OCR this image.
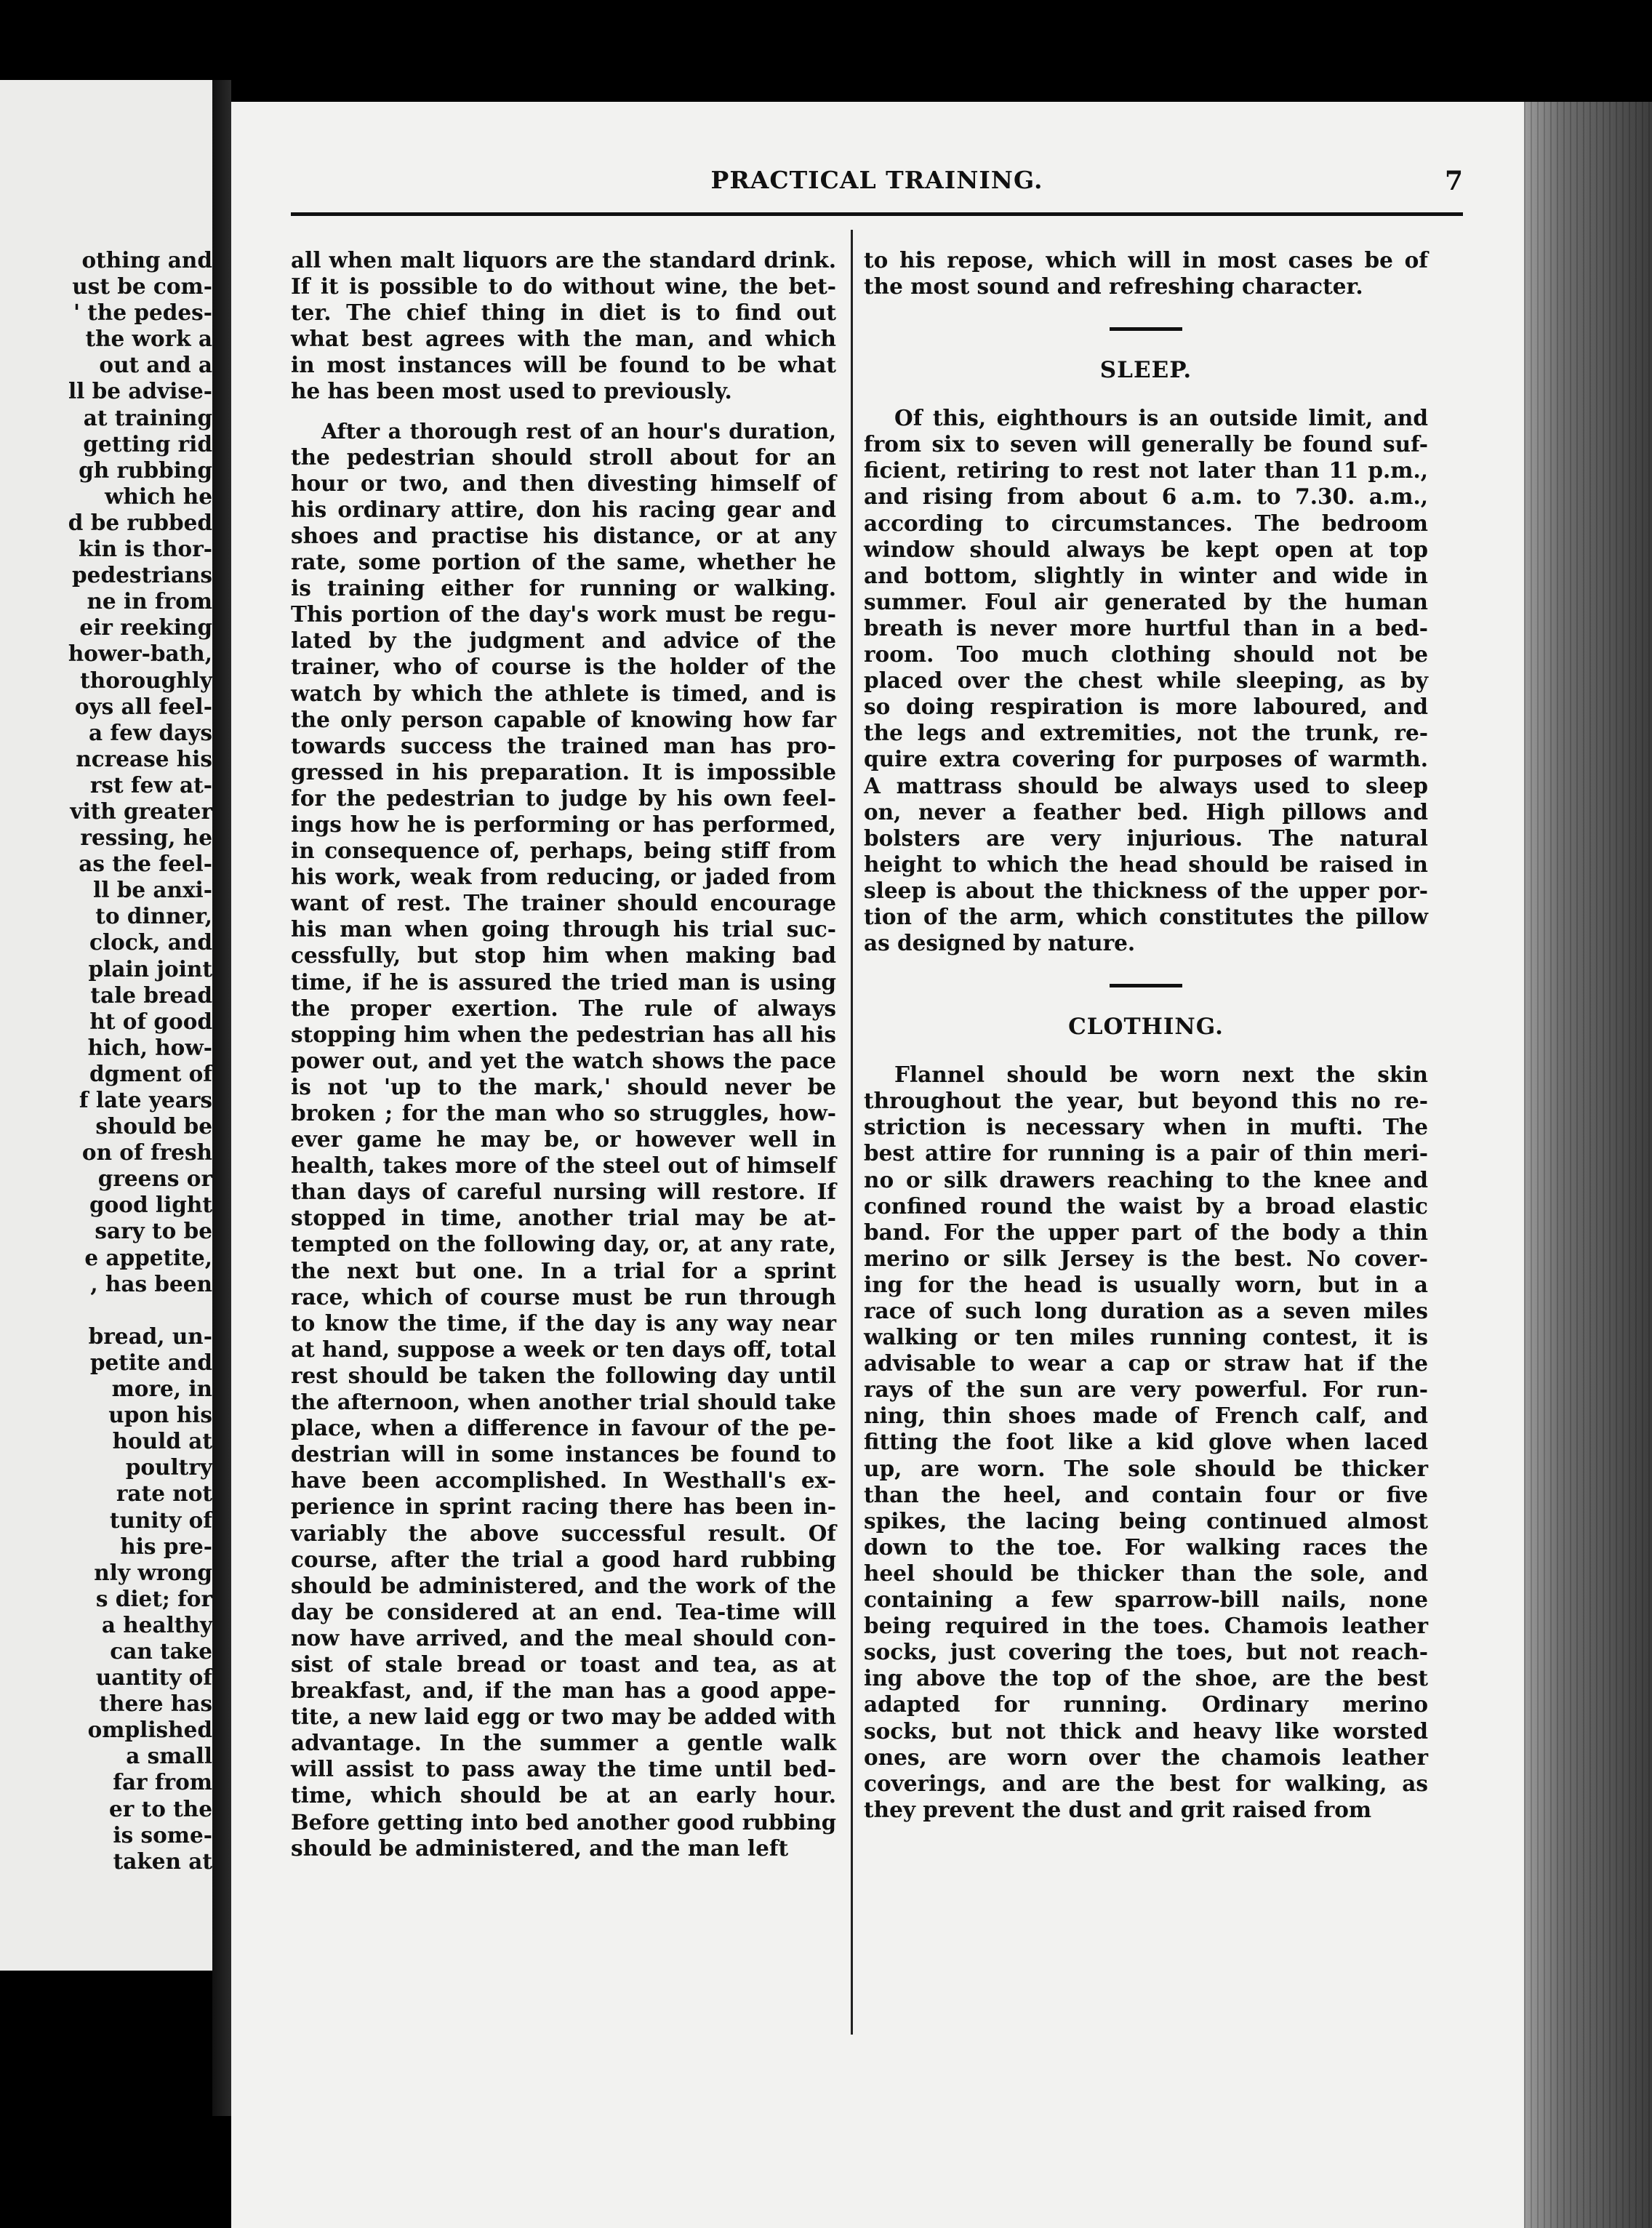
othing and
ust be com-
' the pedes-
the work a
out and a
ll be advise-
at training
getting rid
gh rubbing
which he
d be rubbed
kin is thor-
pedestrians
ne in from
eir reeking
hower-bath,
thoroughly
oys all feel-
a few days
ncrease his
rst few at-
vith greater
ressing, he
as the feel-
ll be anxi-
to dinner,
clock, and
plain joint
tale bread
ht of good
hich, how-
dgment of
f late years
should be
on of fresh
greens or
good light
sary to be
e appetite,
, has been
bread, un-
petite and
more, in
upon his
hould at
poultry
rate not
tunity of
his pre-
nly wrong
s diet; for
a healthy
can take
uantity of
there has
omplished
a small
far from
er to the
is some-
taken at
PRACTICAL TRAINING.	7
all when malt liquors are the standard drink.
If it is possible to do without wine, the bet-
ter. The chief thing in diet is to find out
what best agrees with the man, and which
in most instances will be found to be what
he has been most used to previously.
After a thorough rest of an hour's duration,
the pedestrian should stroll about for an
hour or two, and then divesting himself of
his ordinary attire, don his racing gear and
shoes and practise his distance, or at any
rate, some portion of the same, whether he
is training either for running or walking.
This portion of the day's work must be regu-
lated by the judgment and advice of the
trainer, who of course is the holder of the
watch by which the athlete is timed, and is
the only person capable of knowing how far
towards success the trained man has pro-
gressed in his preparation. It is impossible
for the pedestrian to judge by his own feel-
ings how he is performing or has performed,
in consequence of, perhaps, being stiff from
his work, weak from reducing, or jaded from
want of rest. The trainer should encourage
his man when going through his trial suc-
cessfully, but stop him when making bad
time, if he is assured the tried man is using
the proper exertion. The rule of always
stopping him when the pedestrian has all his
power out, and yet the watch shows the pace
is not 'up to the mark,' should never be
broken ; for the man who so struggles, how-
ever game he may be, or however well in
health, takes more of the steel out of himself
than days of careful nursing will restore. If
stopped in time, another trial may be at-
tempted on the following day, or, at any rate,
the next but one. In a trial for a sprint
race, which of course must be run through
to know the time, if the day is any way near
at hand, suppose a week or ten days off, total
rest should be taken the following day until
the afternoon, when another trial should take
place, when a difference in favour of the pe-
destrian will in some instances be found to
have been accomplished. In Westhall's ex-
perience in sprint racing there has been in-
variably the above successful result. Of
course, after the trial a good hard rubbing
should be administered, and the work of the
day be considered at an end. Tea-time will
now have arrived, and the meal should con-
sist of stale bread or toast and tea, as at
breakfast, and, if the man has a good appe-
tite, a new laid egg or two may be added with
advantage. In the summer a gentle walk
will assist to pass away the time until bed-
time, which should be at an early hour.
Before getting into bed another good rubbing
should be administered, and the man left
to his repose, which will in most cases be of
the most sound and refreshing character.
SLEEP.
Of this, eighthours is an outside limit, and
from six to seven will generally be found suf-
ficient, retiring to rest not later than 11 p.m.,
and rising from about 6 a.m. to 7.30. a.m.,
according to circumstances. The bedroom
window should always be kept open at top
and bottom, slightly in winter and wide in
summer. Foul air generated by the human
breath is never more hurtful than in a bed-
room. Too much clothing should not be
placed over the chest while sleeping, as by
so doing respiration is more laboured, and
the legs and extremities, not the trunk, re-
quire extra covering for purposes of warmth.
A mattrass should be always used to sleep
on, never a feather bed. High pillows and
bolsters are very injurious. The natural
height to which the head should be raised in
sleep is about the thickness of the upper por-
tion of the arm, which constitutes the pillow
as designed by nature.
CLOTHING.
Flannel should be worn next the skin
throughout the year, but beyond this no re-
striction is necessary when in mufti. The
best attire for running is a pair of thin meri-
no or silk drawers reaching to the knee and
confined round the waist by a broad elastic
band. For the upper part of the body a thin
merino or silk Jersey is the best. No cover-
ing for the head is usually worn, but in a
race of such long duration as a seven miles
walking or ten miles running contest, it is
advisable to wear a cap or straw hat if the
rays of the sun are very powerful. For run-
ning, thin shoes made of French calf, and
fitting the foot like a kid glove when laced
up, are worn. The sole should be thicker
than the heel, and contain four or five
spikes, the lacing being continued almost
down to the toe. For walking races the
heel should be thicker than the sole, and
containing a few sparrow-bill nails, none
being required in the toes. Chamois leather
socks, just covering the toes, but not reach-
ing above the top of the shoe, are the best
adapted for running. Ordinary merino
socks, but not thick and heavy like worsted
ones, are worn over the chamois leather
coverings, and are the best for walking, as
they prevent the dust and grit raised from
